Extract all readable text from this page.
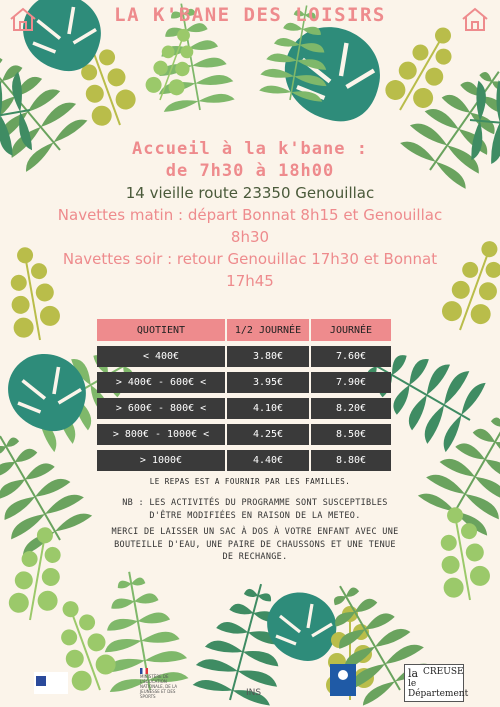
LA K'BANE DES LOISIRS

Accueil à la k'bane :

de 7h30 à 18h00

14 vieille route 23350 Genouillac

Navettes matin : départ Bonnat 8h15 et Genouillac

8h30

Navettes soir : retour Genouillac 17h30 et Bonnat

17h45

QUOTIENT	1/2 JOURNÉE	JOURNÉE
< 400€	3.80€	7.60€
> 400€ - 600€ <	3.95€	7.90€
> 600€ - 800€ <	4.10€	8.20€
> 800€ - 1000€ <	4.25€	8.50€
> 1000€	4.40€	8.80€

LE REPAS EST A FOURNIR PAR LES FAMILLES.

NB : LES ACTIVITÉS DU PROGRAMME SONT SUSCEPTIBLES D'ÊTRE MODIFIÉES EN RAISON DE LA METEO.

MERCI DE LAISSER UN SAC À DOS À VOTRE ENFANT AVEC UNE BOUTEILLE D'EAU, UNE PAIRE DE CHAUSSONS ET UNE TENUE DE RECHANGE.

MINISTÈRE DE L'ÉDUCATION NATIONALE, DE LA JEUNESSE ET DES SPORTS	INS
la CREUSE
le Département
